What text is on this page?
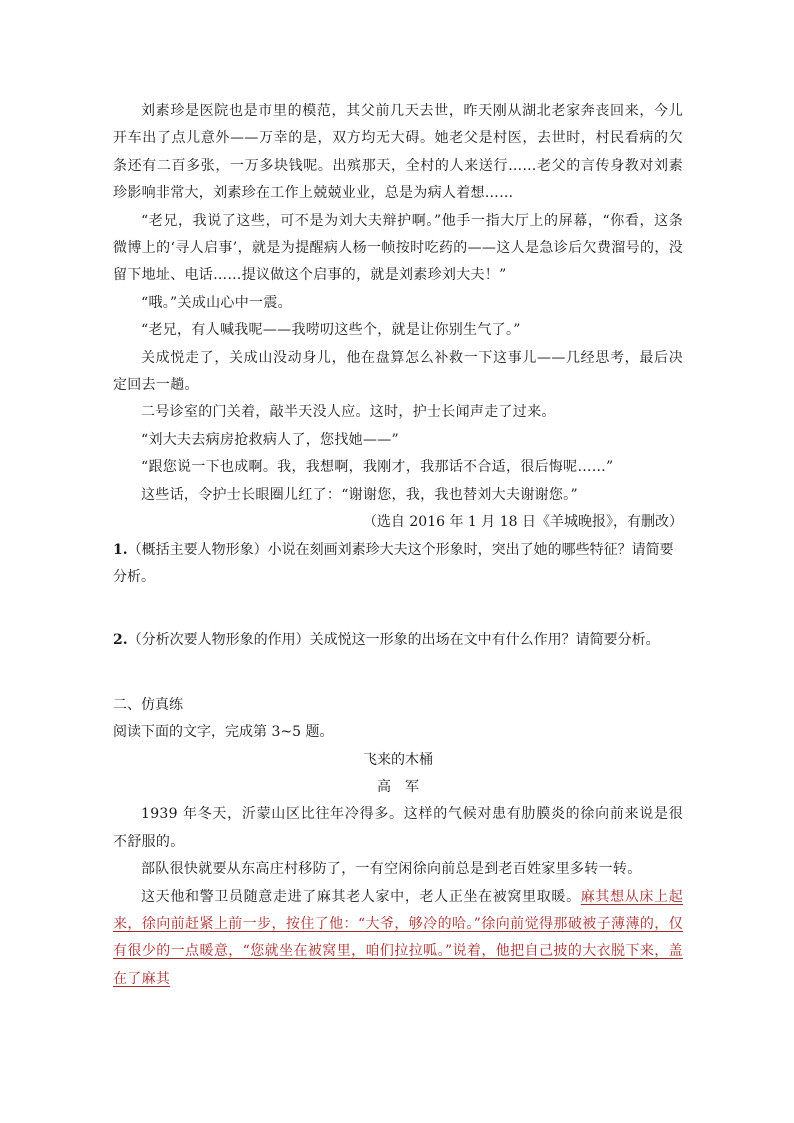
刘素珍是医院也是市里的模范，其父前几天去世，昨天刚从湖北老家奔丧回来，今儿开车出了点儿意外——万幸的是，双方均无大碍。她老父是村医，去世时，村民看病的欠条还有二百多张，一万多块钱呢。出殡那天，全村的人来送行……老父的言传身教对刘素珍影响非常大，刘素珍在工作上兢兢业业，总是为病人着想……

“老兄，我说了这些，可不是为刘大夫辩护啊。”他手一指大厅上的屏幕，“你看，这条微博上的‘寻人启事’，就是为提醒病人杨一帧按时吃药的——这人是急诊后欠费溜号的，没留下地址、电话……提议做这个启事的，就是刘素珍刘大夫！”

“哦。”关成山心中一震。

“老兄，有人喊我呢——我唠叨这些个，就是让你别生气了。”

关成悦走了，关成山没动身儿，他在盘算怎么补救一下这事儿——几经思考，最后决定回去一趟。

二号诊室的门关着，敲半天没人应。这时，护士长闻声走了过来。

“刘大夫去病房抢救病人了，您找她——”

“跟您说一下也成啊。我，我想啊，我刚才，我那话不合适，很后悔呢……”

这些话，令护士长眼圈儿红了：“谢谢您，我，我也替刘大夫谢谢您。”

（选自 2016 年 1 月 18 日《羊城晚报》，有删改）

1.（概括主要人物形象）小说在刻画刘素珍大夫这个形象时，突出了她的哪些特征？请简要分析。

2.（分析次要人物形象的作用）关成悦这一形象的出场在文中有什么作用？请简要分析。

二、仿真练

阅读下面的文字，完成第 3~5 题。

飞来的木桶

高军

1939 年冬天，沂蒙山区比往年冷得多。这样的气候对患有肋膜炎的徐向前来说是很不舒服的。

部队很快就要从东高庄村移防了，一有空闲徐向前总是到老百姓家里多转一转。

这天他和警卫员随意走进了麻其老人家中，老人正坐在被窝里取暖。麻其想从床上起来，徐向前赶紧上前一步，按住了他：“大爷，够冷的哈。”徐向前觉得那破被子薄薄的，仅有很少的一点暖意，“您就坐在被窝里，咱们拉拉呱。”说着，他把自己披的大衣脱下来，盖在了麻其
